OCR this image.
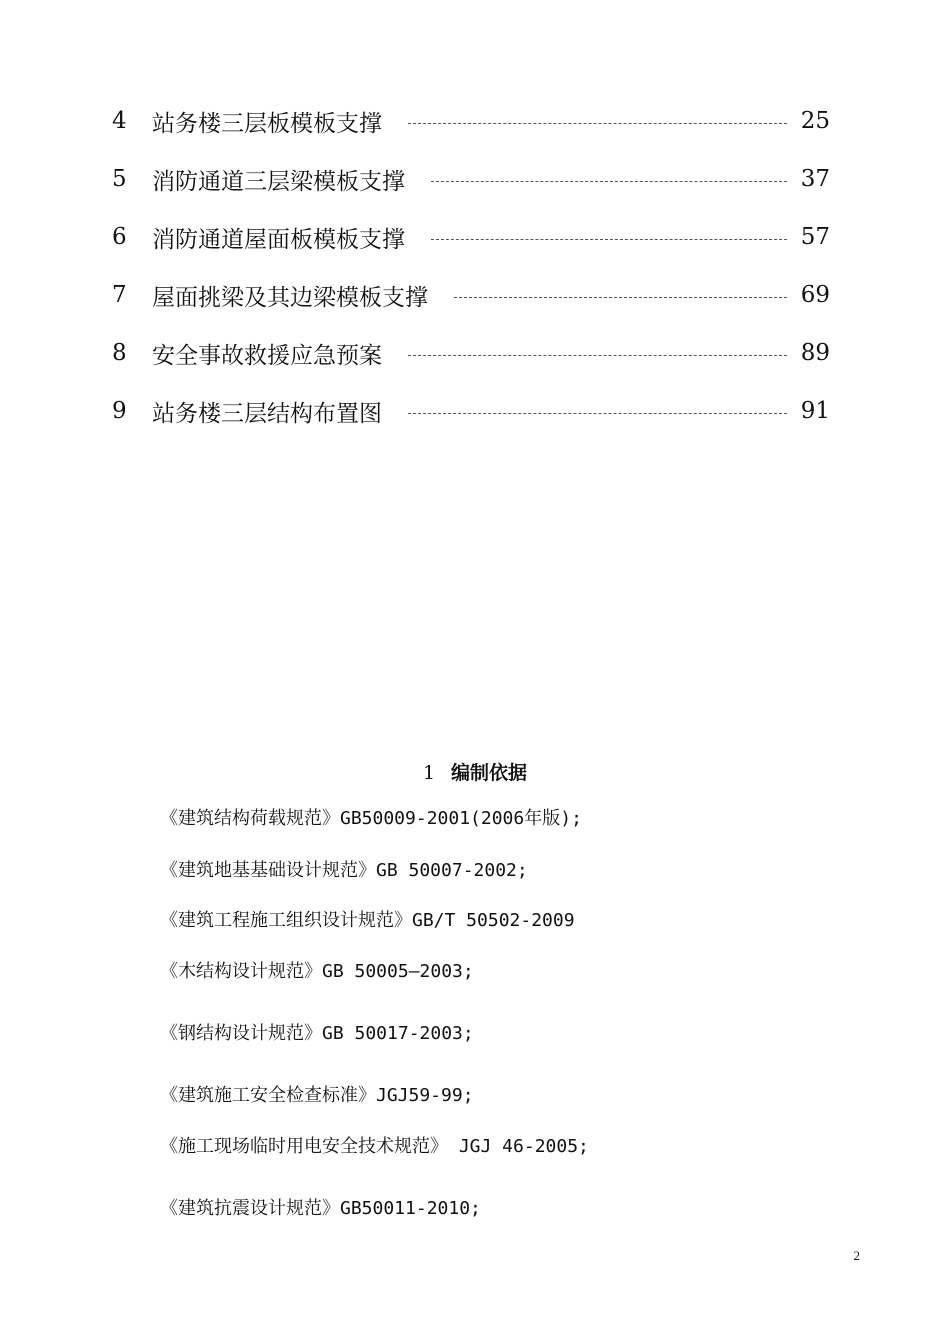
4	站务楼三层板模板支撑	25
5	消防通道三层梁模板支撑	37
6	消防通道屋面板模板支撑	57
7	屋面挑梁及其边梁模板支撑	69
8	安全事故救援应急预案	89
9	站务楼三层结构布置图	91
1 编制依据
《建筑结构荷载规范》GB50009-2001(2006年版);
《建筑地基基础设计规范》GB 50007-2002;
《建筑工程施工组织设计规范》GB/T 50502-2009
《木结构设计规范》GB 50005—2003;
《钢结构设计规范》GB 50017-2003;
《建筑施工安全检查标准》JGJ59-99;
《施工现场临时用电安全技术规范》 JGJ 46-2005;
《建筑抗震设计规范》GB50011-2010;
2
